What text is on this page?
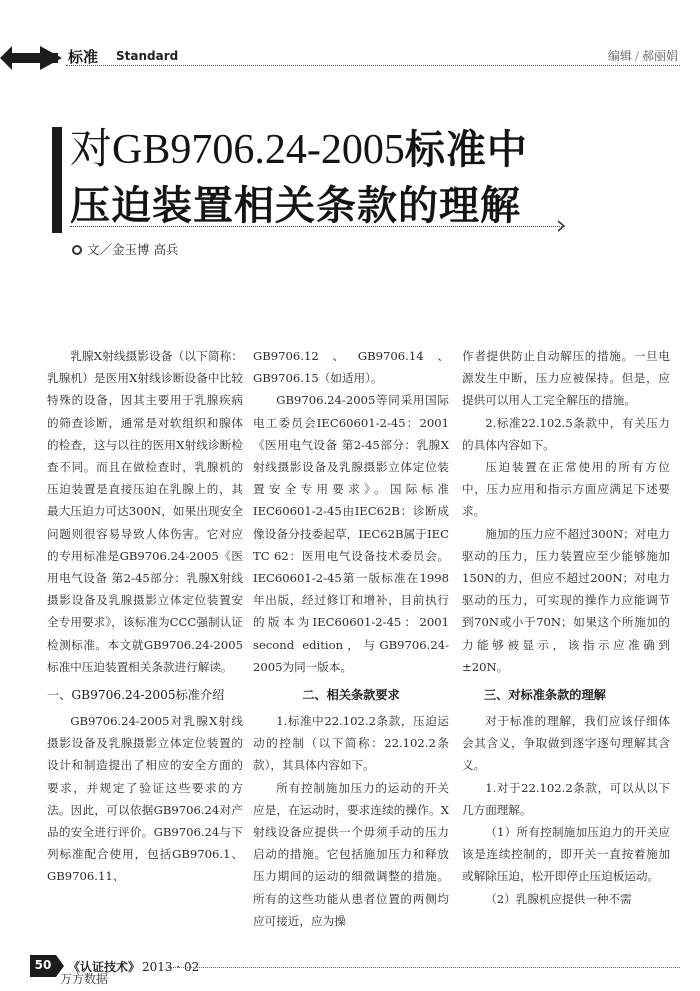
标准 Standard	编辑 / 郝丽娟
对GB9706.24-2005标准中
压迫装置相关条款的理解
文／金玉博 高兵

乳腺X射线摄影设备（以下简称：乳腺机）是医用X射线诊断设备中比较特殊的设备，因其主要用于乳腺疾病的筛查诊断，通常是对软组织和腺体的检查，这与以往的医用X射线诊断检查不同。而且在做检查时，乳腺机的压迫装置是直接压迫在乳腺上的，其最大压迫力可达300N，如果出现安全问题则很容易导致人体伤害。它对应的专用标准是GB9706.24-2005《医用电气设备 第2-45部分：乳腺X射线摄影设备及乳腺摄影立体定位装置安全专用要求》，该标准为CCC强制认证检测标准。本文就GB9706.24-2005标准中压迫装置相关条款进行解读。

一、GB9706.24-2005标准介绍

GB9706.24-2005对乳腺X射线摄影设备及乳腺摄影立体定位装置的设计和制造提出了相应的安全方面的要求，并规定了验证这些要求的方法。因此，可以依据GB9706.24对产品的安全进行评价。GB9706.24与下列标准配合使用，包括GB9706.1、GB9706.11、

GB9706.12、GB9706.14、GB9706.15（如适用）。

GB9706.24-2005等同采用国际电工委员会IEC60601-2-45：2001《医用电气设备 第2-45部分：乳腺X射线摄影设备及乳腺摄影立体定位装置安全专用要求》。国际标准IEC60601-2-45由IEC62B：诊断成像设备分技委起草，IEC62B属于IEC TC 62：医用电气设备技术委员会。IEC60601-2-45第一版标准在1998年出版，经过修订和增补，目前执行的版本为IEC60601-2-45：2001 second edition，与GB9706.24-2005为同一版本。

二、相关条款要求

1.标准中22.102.2条款，压迫运动的控制（以下简称：22.102.2条款），其具体内容如下。

所有控制施加压力的运动的开关应是，在运动时，要求连续的操作。X射线设备应提供一个毋须手动的压力启动的措施。它包括施加压力和释放压力期间的运动的细微调整的措施。所有的这些功能从患者位置的两侧均应可接近，应为操

作者提供防止自动解压的措施。一旦电源发生中断，压力应被保持。但是，应提供可以用人工完全解压的措施。

2.标准22.102.5条款中，有关压力的具体内容如下。

压迫装置在正常使用的所有方位中，压力应用和指示方面应满足下述要求。

施加的压力应不超过300N；对电力驱动的压力，压力装置应至少能够施加150N的力，但应不超过200N；对电力驱动的压力，可实现的操作力应能调节到70N或小于70N；如果这个所施加的力能够被显示，该指示应准确到±20N。

三、对标准条款的理解

对于标准的理解，我们应该仔细体会其含义，争取做到逐字逐句理解其含义。

1.对于22.102.2条款，可以从以下几方面理解。

（1）所有控制施加压迫力的开关应该是连续控制的，即开关一直按着施加或解除压迫，松开即停止压迫板运动。

（2）乳腺机应提供一种不需

50 《认证技术》 2013 · 02
万方数据
